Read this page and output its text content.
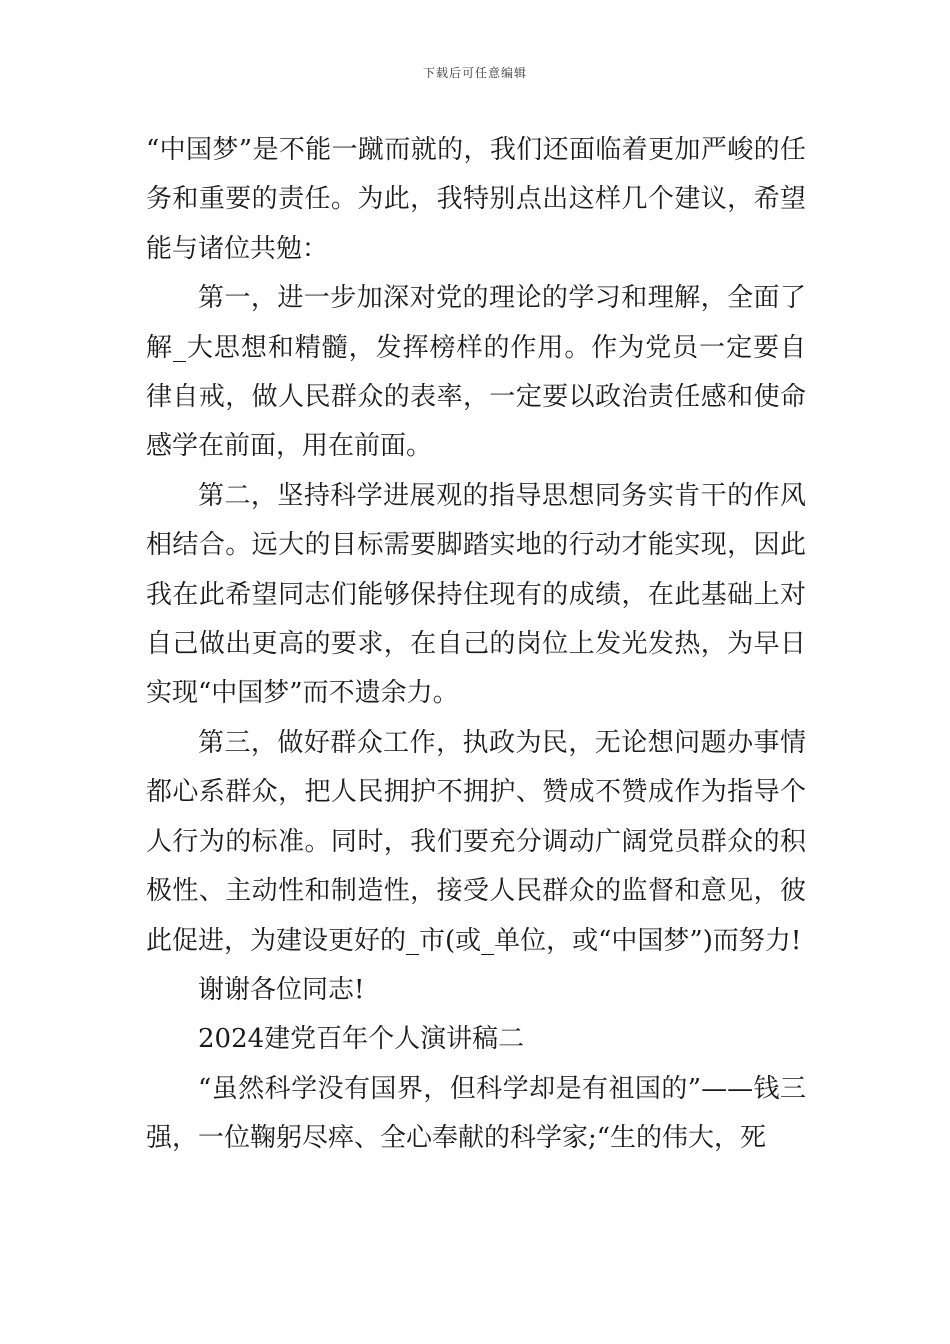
下载后可任意编辑

“中国梦”是不能一蹴而就的，我们还面临着更加严峻的任务和重要的责任。为此，我特别点出这样几个建议，希望能与诸位共勉：

第一，进一步加深对党的理论的学习和理解，全面了解_大思想和精髓，发挥榜样的作用。作为党员一定要自律自戒，做人民群众的表率，一定要以政治责任感和使命感学在前面，用在前面。

第二，坚持科学进展观的指导思想同务实肯干的作风相结合。远大的目标需要脚踏实地的行动才能实现，因此我在此希望同志们能够保持住现有的成绩，在此基础上对自己做出更高的要求，在自己的岗位上发光发热，为早日实现“中国梦”而不遗余力。

第三，做好群众工作，执政为民，无论想问题办事情都心系群众，把人民拥护不拥护、赞成不赞成作为指导个人行为的标准。同时，我们要充分调动广阔党员群众的积极性、主动性和制造性，接受人民群众的监督和意见，彼此促进，为建设更好的_市(或_单位，或“中国梦”)而努力!

谢谢各位同志!

2024建党百年个人演讲稿二

“虽然科学没有国界，但科学却是有祖国的”——钱三强，一位鞠躬尽瘁、全心奉献的科学家;“生的伟大，死
